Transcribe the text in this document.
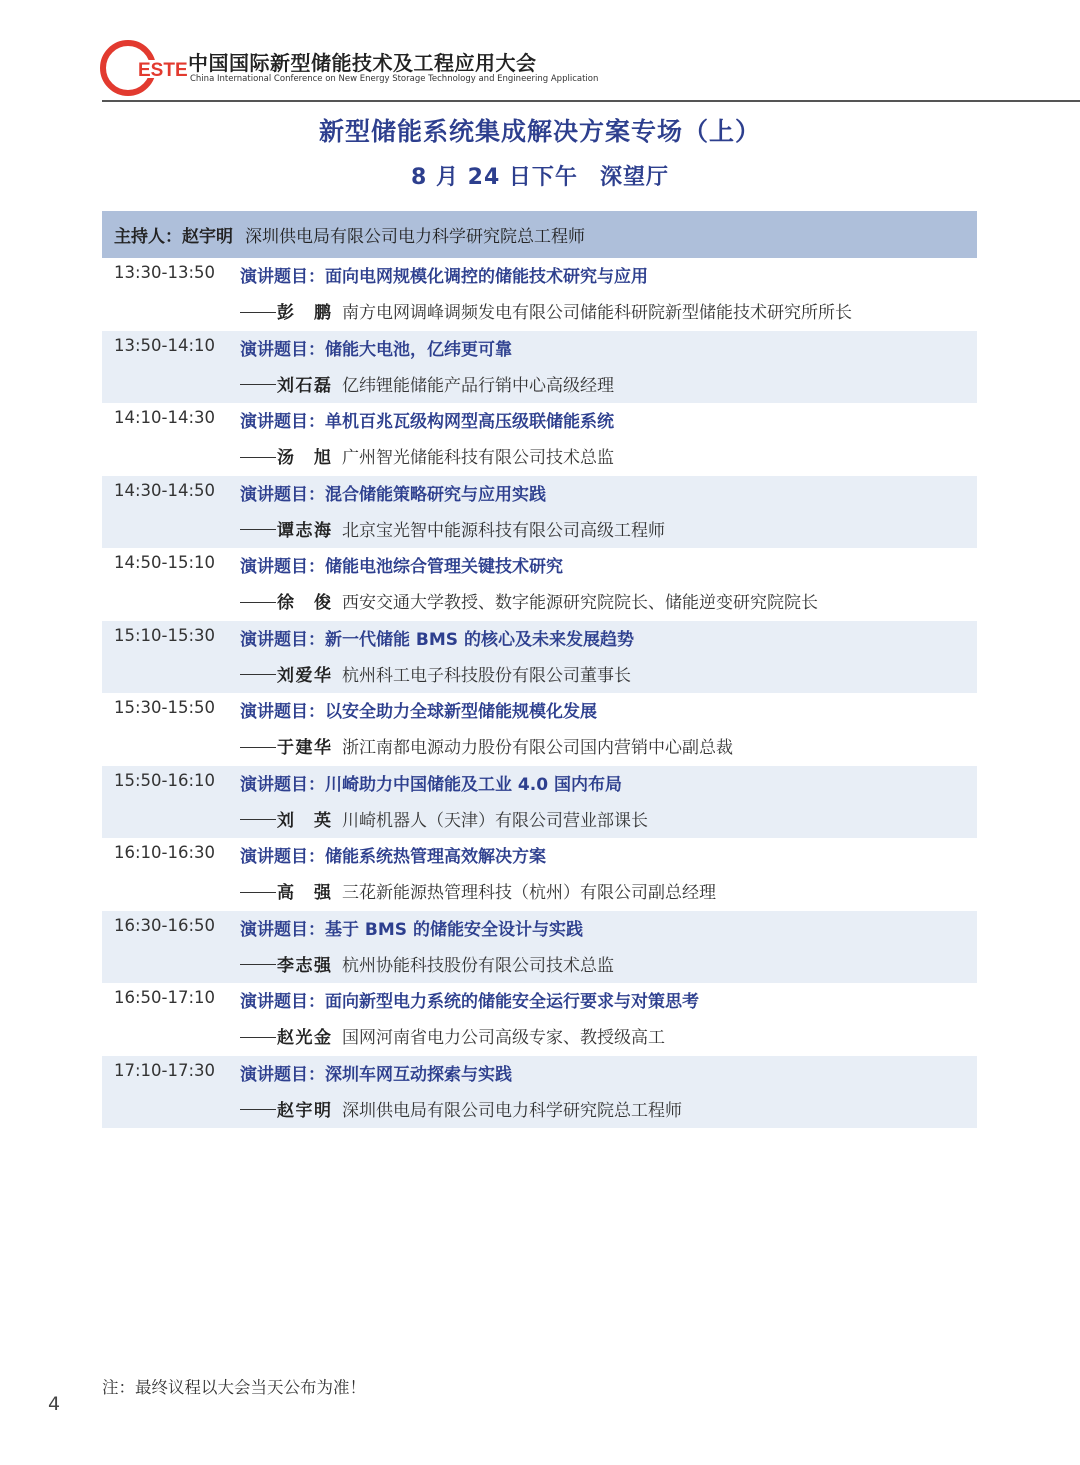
ESTE 中国国际新型储能技术及工程应用大会
China International Conference on New Energy Storage Technology and Engineering Application
新型储能系统集成解决方案专场（上）
8 月 24 日下午 深望厅
主持人： 赵宇明 深圳供电局有限公司电力科学研究院总工程师
13:30-13:50 演讲题目：面向电网规模化调控的储能技术研究与应用
彭　鹏 南方电网调峰调频发电有限公司储能科研院新型储能技术研究所所长
13:50-14:10 演讲题目：储能大电池，亿纬更可靠
刘石磊 亿纬锂能储能产品行销中心高级经理
14:10-14:30 演讲题目：单机百兆瓦级构网型高压级联储能系统
汤　旭 广州智光储能科技有限公司技术总监
14:30-14:50 演讲题目：混合储能策略研究与应用实践
谭志海 北京宝光智中能源科技有限公司高级工程师
14:50-15:10 演讲题目：储能电池综合管理关键技术研究
徐　俊 西安交通大学教授、数字能源研究院院长、储能逆变研究院院长
15:10-15:30 演讲题目：新一代储能 BMS 的核心及未来发展趋势
刘爱华 杭州科工电子科技股份有限公司董事长
15:30-15:50 演讲题目：以安全助力全球新型储能规模化发展
于建华 浙江南都电源动力股份有限公司国内营销中心副总裁
15:50-16:10 演讲题目：川崎助力中国储能及工业 4.0 国内布局
刘　英 川崎机器人（天津）有限公司营业部课长
16:10-16:30 演讲题目：储能系统热管理高效解决方案
高　强 三花新能源热管理科技（杭州）有限公司副总经理
16:30-16:50 演讲题目：基于 BMS 的储能安全设计与实践
李志强 杭州协能科技股份有限公司技术总监
16:50-17:10 演讲题目：面向新型电力系统的储能安全运行要求与对策思考
赵光金 国网河南省电力公司高级专家、教授级高工
17:10-17:30 演讲题目：深圳车网互动探索与实践
赵宇明 深圳供电局有限公司电力科学研究院总工程师
注：最终议程以大会当天公布为准！
4
